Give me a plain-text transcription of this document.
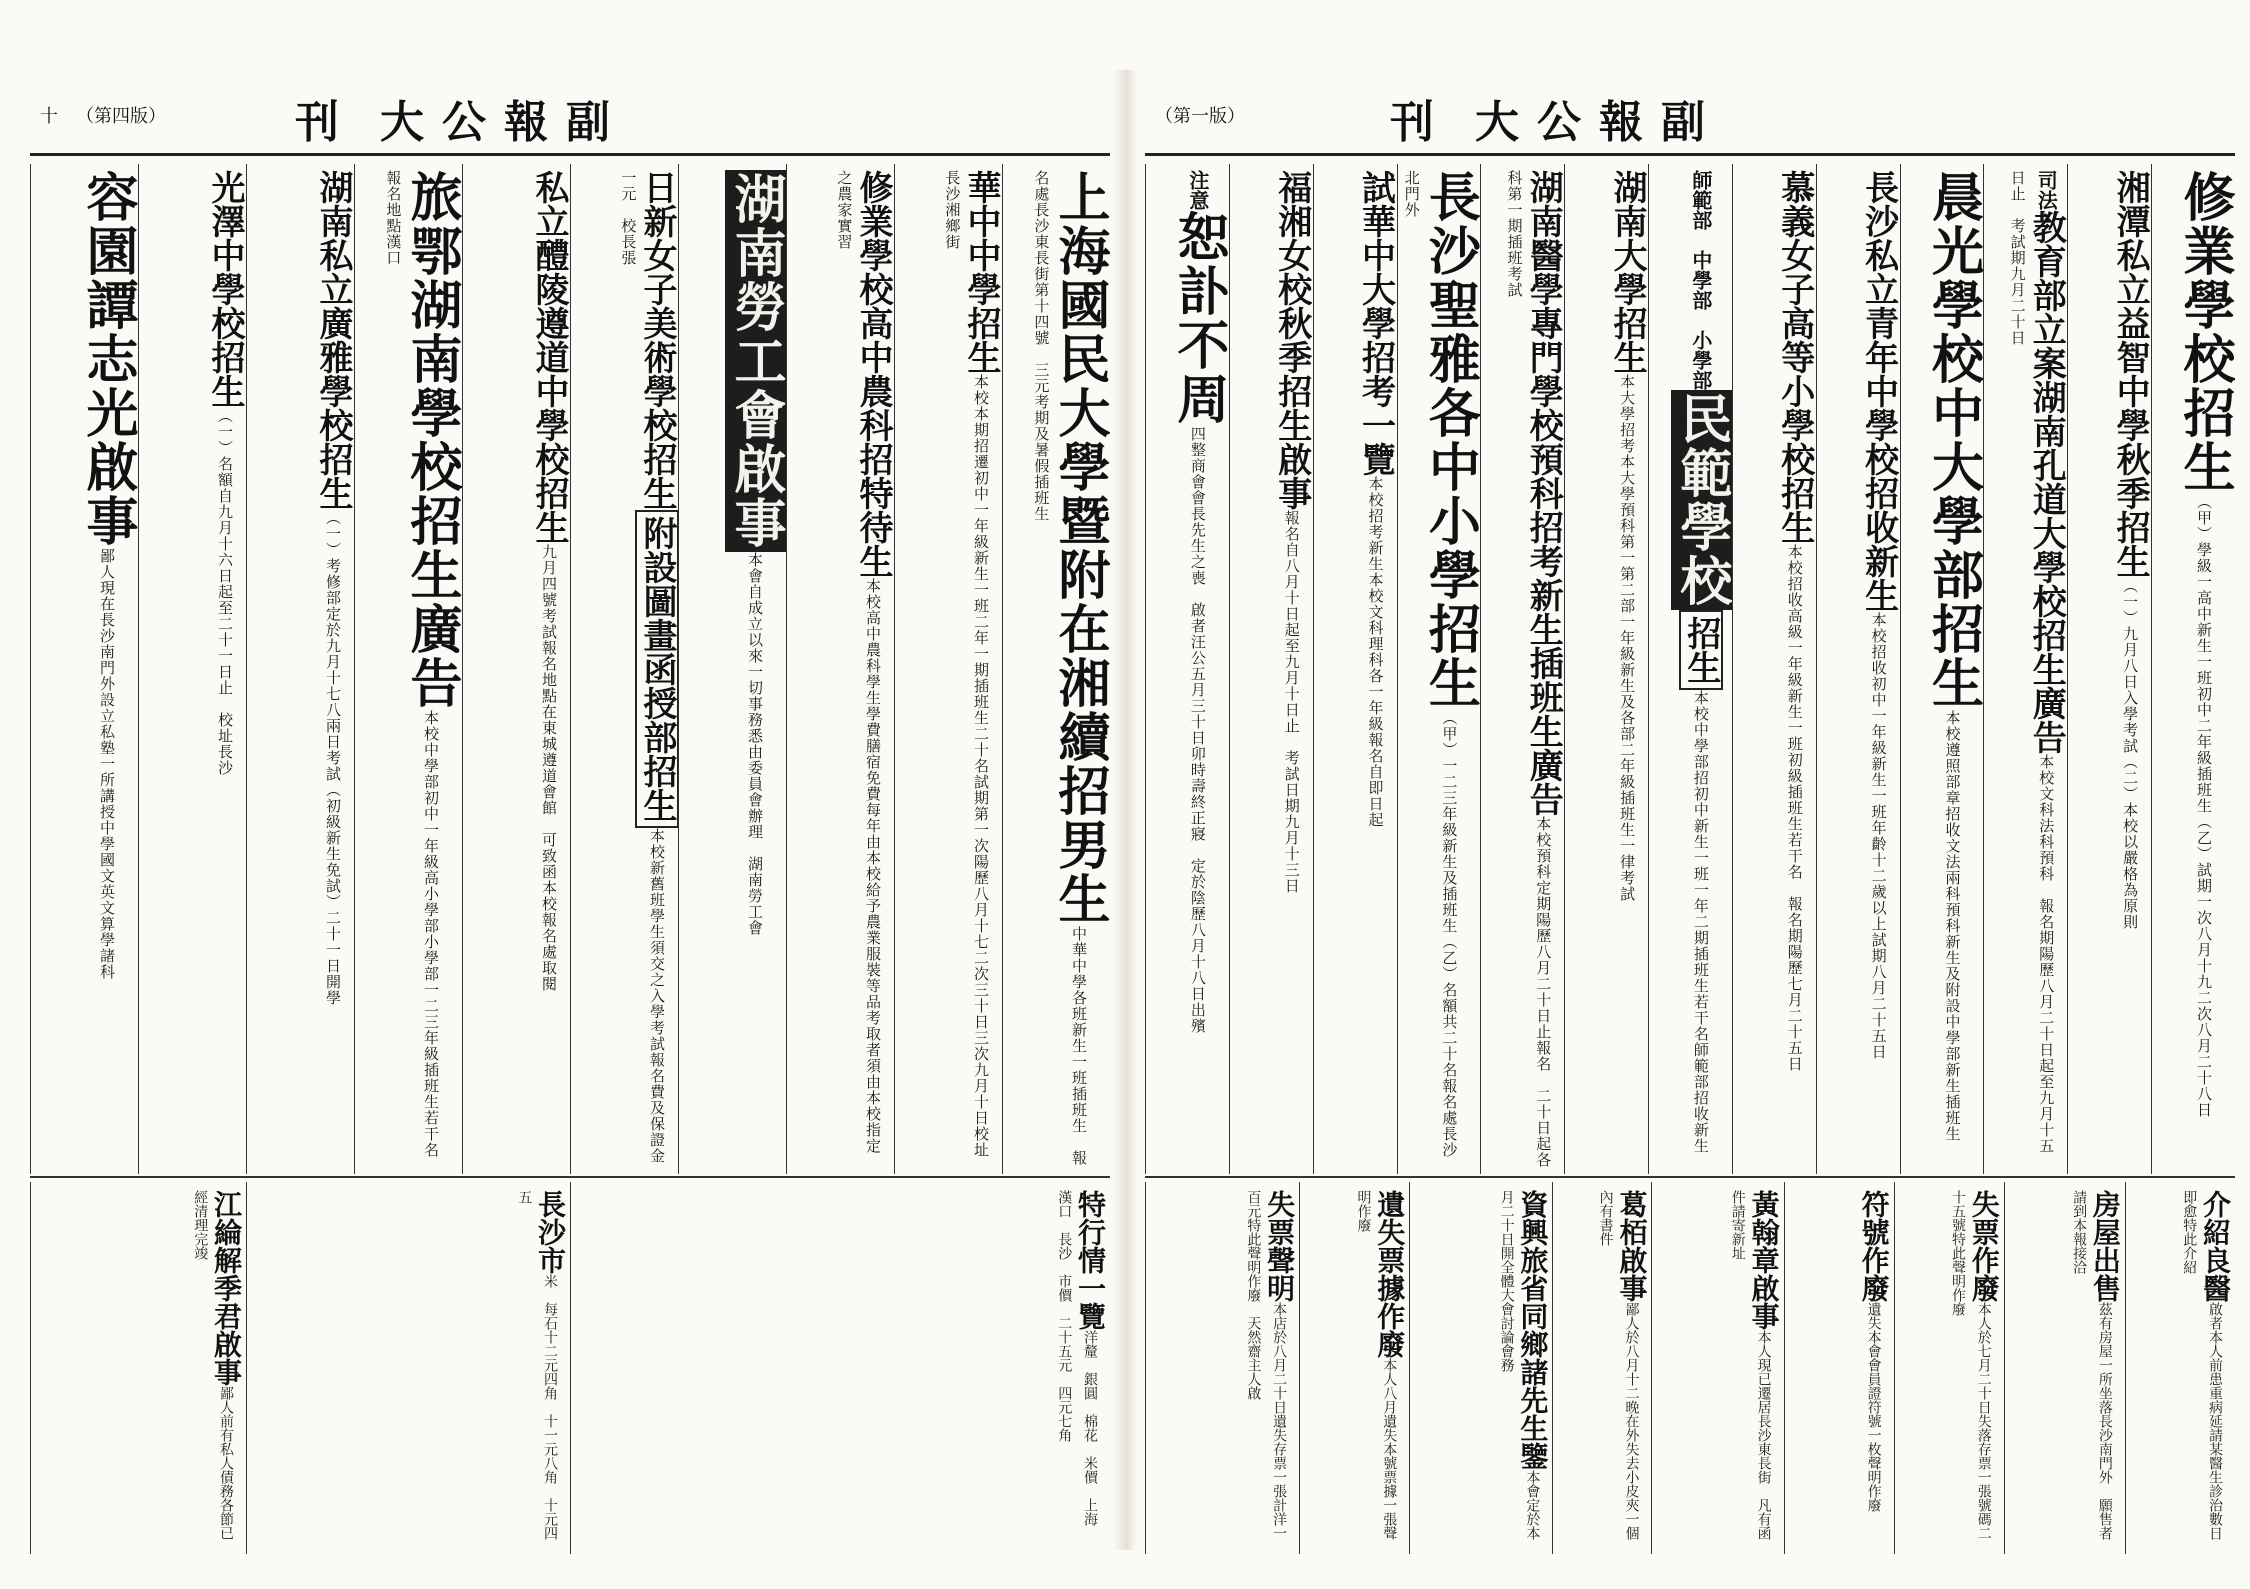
十 （第四版）	刊 大公報副
上海國民大學暨附在湘續招男生中華中學各班新生一班插班生　報名處長沙東長街第十四號　三元考期及暑假插班生
華中中學招生本校本期招遷初中一年級新生一班二年一期插班生二十名試期第一次陽歷八月十七二次三十日三次九月十日校址長沙湘鄉街
修業學校高中農科招特待生本校高中農科學生學費膳宿免費每年由本校給予農業服裝等品考取者須由本校指定之農家實習
湖南勞工會啟事本會自成立以來一切事務悉由委員會辦理　湖南勞工會
日新女子美術學校招生附設圖畫函授部招生本校新舊班學生須交之入學考試報名費及保證金一元　校長張
私立醴陵遵道中學校招生九月四號考試報名地點在東城遵道會館　可致函本校報名處取閱
旅鄂湖南學校招生廣告本校中學部初中一年級高小學部小學部一二三年級插班生若干名　報名地點漢口
湖南私立廣雅學校招生（一）考修部定於九月十七八兩日考試（初級新生免試）二十一日開學
光澤中學校招生（一）名額自九月十六日起至二十一日止　校址長沙
容園譚志光啟事鄙人現在長沙南門外設立私塾一所講授中學國文英文算學諸科
特行情一覽洋釐　銀圓　棉花　米價　上海　漢口　長沙　市價　二十五元　四元七角
長沙市米　每石十二元四角　十一元八角　十元四五
江綸解季君啟事鄙人前有私人債務各節已經清理完竣
（第一版）	刊 大公報副
修業學校招生（甲）學級一高中新生一班初中二年級插班生（乙）試期一次八月十九二次八月二十八日
湘潭私立益智中學秋季招生（一）九月八日入學考試（二）本校以嚴格為原則
司法教育部立案湖南孔道大學校招生廣告本校文科法科預科　報名期陽歷八月二十日起至九月十五日止　考試期九月二十日
晨光學校中大學部招生本校遵照部章招收文法兩科預科新生及附設中學部新生插班生
長沙私立青年中學校招收新生本校招收初中一年級新生一班年齡十二歲以上試期八月二十五日
慕義女子高等小學校招生本校招收高級一年級新生一班初級插班生若干名　報名期陽歷七月二十五日
師範部　中學部　小學部民範學校招生本校中學部招初中新生一班一年二期插班生若干名師範部招收新生
湖南大學招生本大學招考本大學預科第一第二部一年級新生及各部二年級插班生一律考試
湖南醫學專門學校預科招考新生插班生廣告本校預科定期陽歷八月二十日止報名　二十日起各科第一期插班考試
長沙聖雅各中小學招生（甲）一二三年級新生及插班生（乙）名額共二十名報名處長沙北門外
試華中大學招考一覽本校招考新生本校文科理科各一年級報名自即日起
福湘女校秋季招生啟事報名自八月十日起至九月十日止　考試日期九月十三日
注意恕訃不周四整商會會長先生之喪　啟者汪公五月三十日卯時壽終正寢　定於陰歷八月十八日出殯
介紹良醫啟者本人前患重病延請某醫生診治數日即愈特此介紹
房屋出售茲有房屋一所坐落長沙南門外　願售者請到本報接洽
失票作廢本人於七月二十日失落存票一張號碼二十五號特此聲明作廢
符號作廢遺失本會會員證符號一枚聲明作廢
黃翰章啟事本人現已遷居長沙東長街　凡有函件請寄新址
葛栢啟事鄙人於八月十二晚在外失去小皮夾一個內有書件
資興旅省同鄉諸先生鑒本會定於本月二十日開全體大會討論會務
遺失票據作廢本人八月遺失本號票據一張聲明作廢
失票聲明本店於八月二十日遺失存票一張計洋一百元特此聲明作廢　天然齋主人啟
